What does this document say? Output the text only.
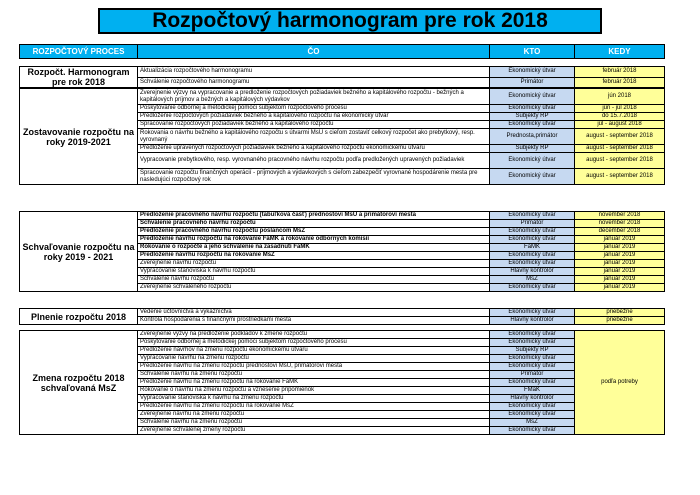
Rozpočtový harmonogram pre rok 2018
ROZPOČTOVÝ PROCES	ČO	KTO	KEDY
Rozpočt. Harmonogram pre rok 2018	Aktualizácia rozpočtového harmonogramu	Ekonomický útvar	február 2018
	Schválenie rozpočtového harmonogramu	Primátor	február 2018
Zostavovanie rozpočtu na roky 2019-2021	Zverejnenie výzvy na vypracovanie a predloženie rozpočtových požiadaviek bežného a kapitálového rozpočtu - bežných a kapitálových príjmov a bežných a kapitálových výdavkov	Ekonomický útvar	jún 2018
	Poskytovanie odbornej a metodickej pomoci subjektom rozpočtového procesu	Ekonomický útvar	jún - júl 2018
	Predloženie rozpočtových požiadaviek bežného a kapitálového rozpočtu na ekonomický útvar	Subjekty RP	do 15.7.2018
	Spracovanie rozpočtových požiadaviek bežného a kapitálového rozpočtu	Ekonomický útvar	júl - august 2018
	Rokovania o návrhu bežného a kapitálového rozpočtu s útvarmi MsÚ s cieľom zostaviť celkový rozpočet ako prebytkový, resp. vyrovnaný	Prednosta,primátor	august - september 2018
	Predloženie upravených rozpočtových požiadaviek bežného a kapitálového rozpočtu ekonomickému útvaru	Subjekty RP	august - september 2018
	Vypracovanie prebytkového, resp. vyrovnaného pracovného návrhu rozpočtu podľa predložených upravených požiadaviek	Ekonomický útvar	august - september 2018
	Spracovanie rozpočtu finančných operácií - príjmových a výdavkových s cieľom zabezpečiť vyrovnané hospodárenie mesta pre nasledujúci rozpočtový rok	Ekonomický útvar	august - september 2018
Schvaľovanie rozpočtu na roky 2019 - 2021	Predloženie pracovného návrhu rozpočtu (tabuľková časť) prednostovi MsÚ a primátorovi mesta	Ekonomický útvar	november 2018
	Schválenie pracovného návrhu rozpočtu	Primátor	november 2018
	Predloženie pracovného návrhu rozpočtu poslancom MsZ	Ekonomický útvar	december 2018
	Predloženie návrhu rozpočtu na rokovanie FaMK a rokovanie odborných komisií	Ekonomický útvar	január 2019
	Rokovanie o rozpočte a jeho schválenie na zasadnutí FaMK	FaMK	január 2019
	Predloženie návrhu rozpočtu na rokovanie MsZ	Ekonomický útvar	január 2019
	Zverejnenie návrhu rozpočtu	Ekonomický útvar	január 2019
	Vypracovanie stanoviska k návrhu rozpočtu	Hlavný kontrolór	január 2019
	Schválenie návrhu rozpočtu	MsZ	január 2019
	Zverejnenie schváleného rozpočtu	Ekonomický útvar	január 2019
Plnenie rozpočtu 2018	Vedenie účtovníctva a výkazníctva	Ekonomický útvar	priebežne
	Kontrola hospodárenia s finančnými prostriedkami mesta	Hlavný kontrolór	priebežne
Zmena rozpočtu 2018 schvaľovaná MsZ	Zverejnenie výzvy na predloženie podkladov k zmene rozpočtu	Ekonomický útvar	podľa potreby
	Poskytovanie odbornej a metodickej pomoci subjektom rozpočtového procesu	Ekonomický útvar	
	Predloženie návrhov na zmenu rozpočtu ekonomickému útvaru	Subjekty RP	
	Vypracovanie návrhu na zmenu rozpočtu	Ekonomický útvar	
	Predloženie návrhu na zmenu rozpočtu prednostovi MsÚ, primátorovi mesta	Ekonomický útvar	
	Schválenie návrhu na zmenu rozpočtu	Primátor	
	Predloženie návrhu na zmenu rozpočtu na rokovanie FaMK	Ekonomický útvar	
	Rokovanie o návrhu na zmenu rozpočtu a vznesenie pripomienok	FMaK	
	Vypracovanie stanoviska k návrhu na zmenu rozpočtu	Hlavný kontrolór	
	Predloženie návrhu na zmenu rozpočtu na rokovanie MsZ	Ekonomický útvar	
	Zverejnenie návrhu na zmenu rozpočtu	Ekonomický útvar	
	Schválenie návrhu na zmenu rozpočtu	MsZ	
	Zverejnenie schválenej zmeny rozpočtu	Ekonomický útvar	
